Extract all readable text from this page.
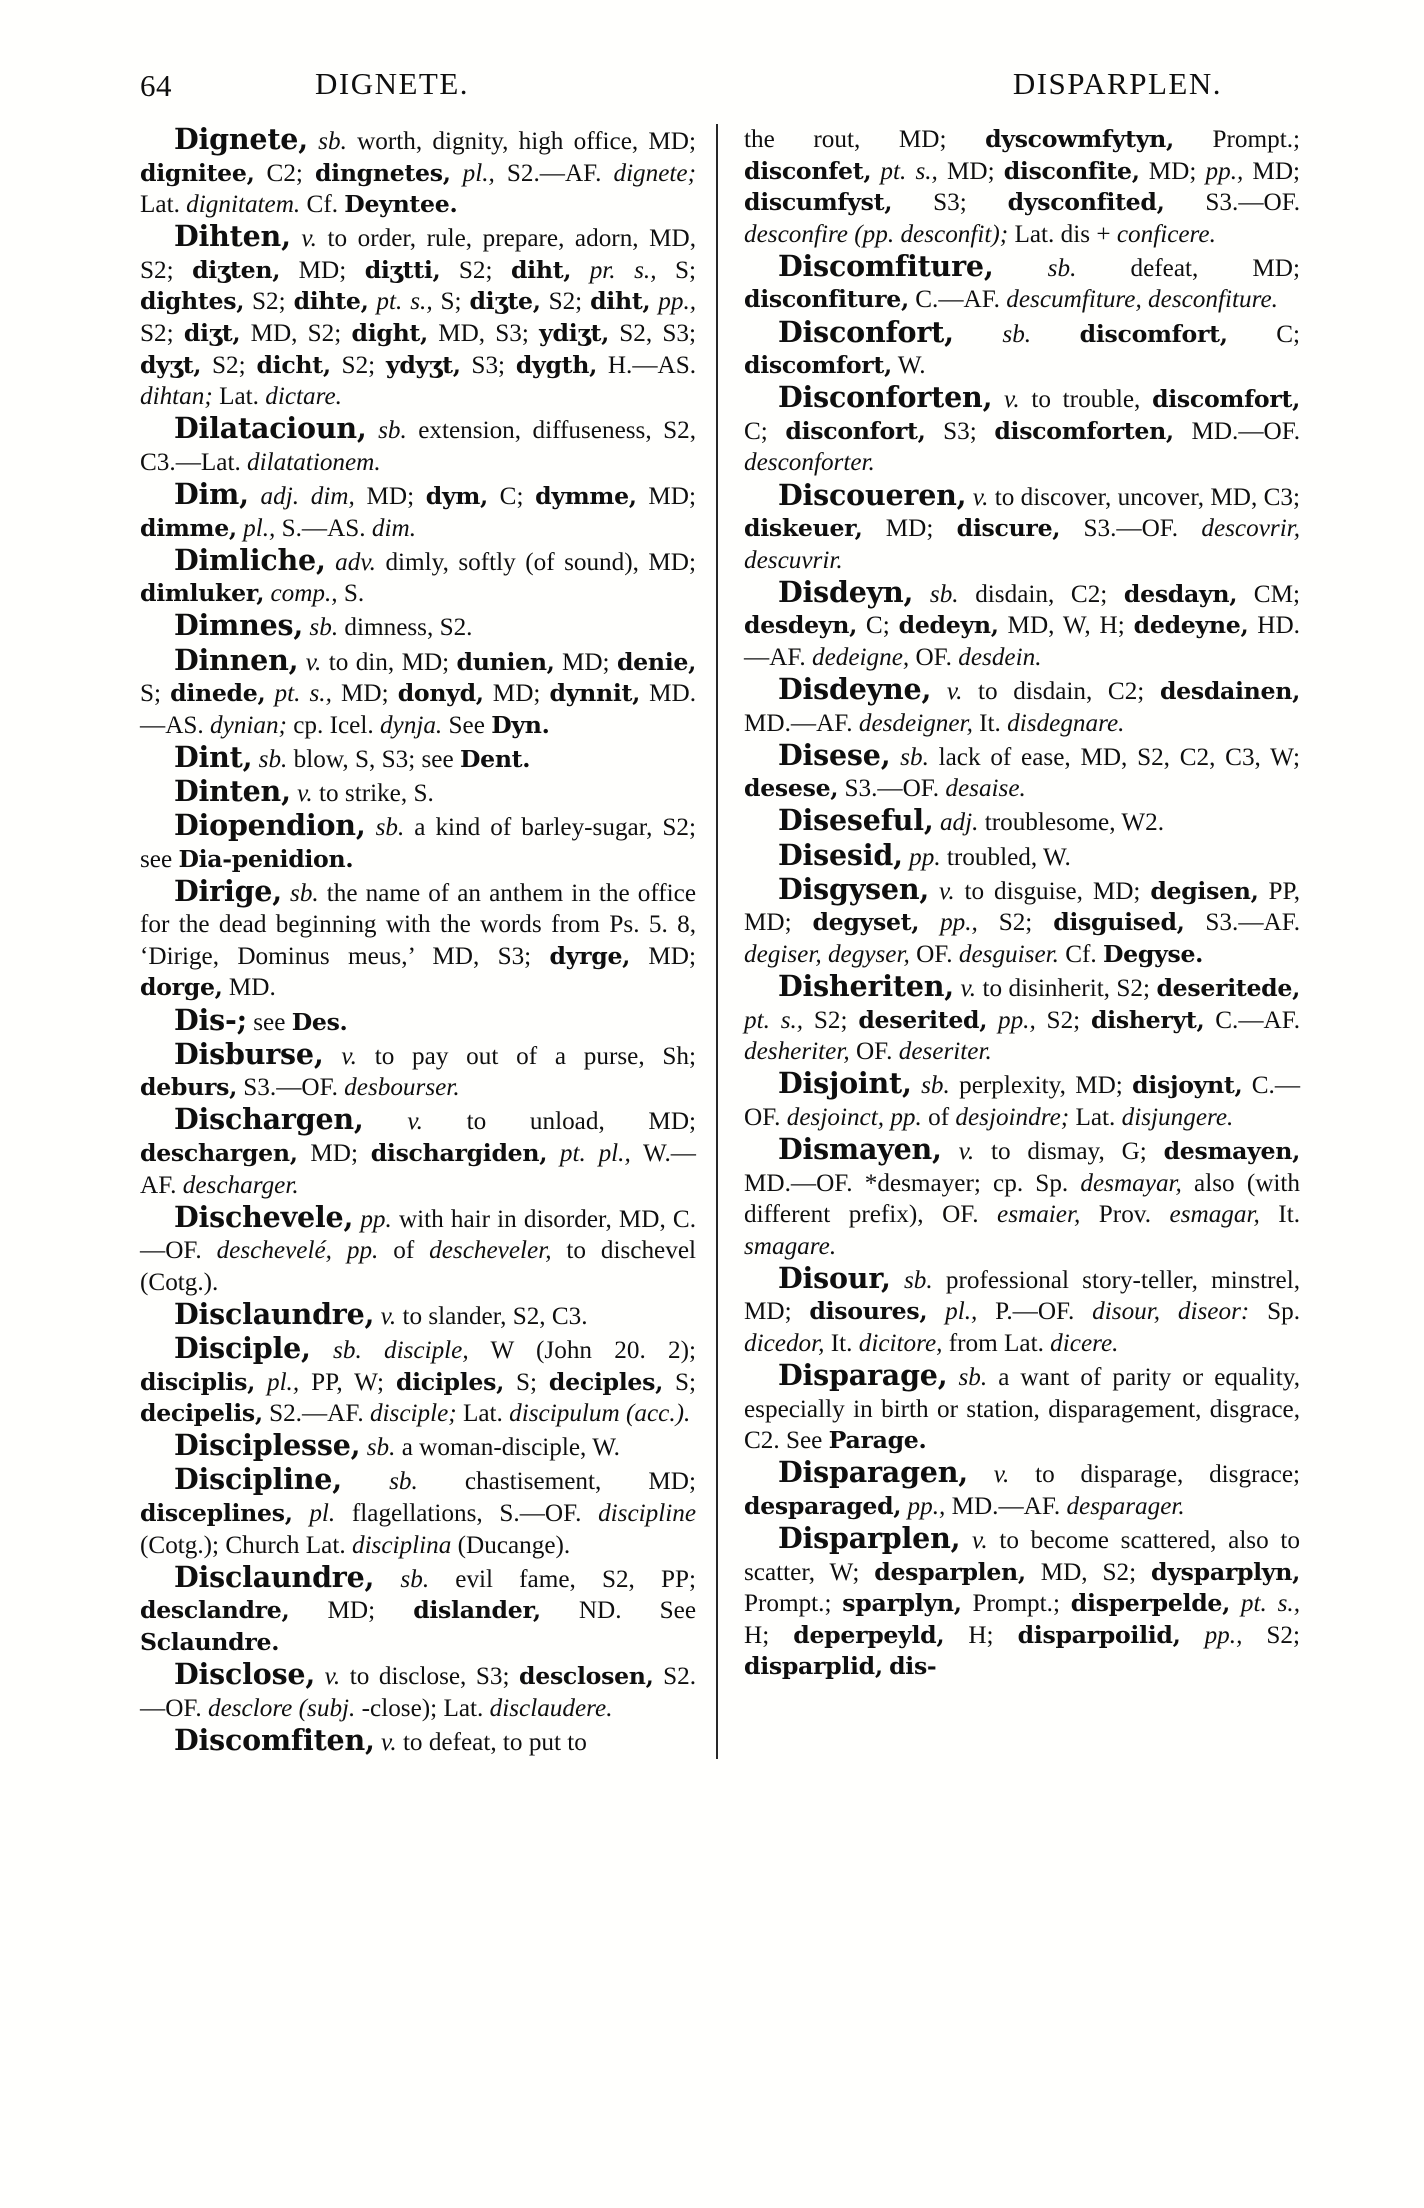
64	DIGNETE.	DISPARPLEN.

Dignete, sb. worth, dignity, high office, MD; dignitee, C2; dingnetes, pl., S2.—AF. dignete; Lat. dignitatem. Cf. Deyntee.

Dihten, v. to order, rule, prepare, adorn, MD, S2; diʒten, MD; diʒtti, S2; diht, pr. s., S; dightes, S2; dihte, pt. s., S; diʒte, S2; diht, pp., S2; diʒt, MD, S2; dight, MD, S3; ydiʒt, S2, S3; dyʒt, S2; dicht, S2; ydyʒt, S3; dygth, H.—AS. dihtan; Lat. dictare.

Dilatacioun, sb. extension, diffuseness, S2, C3.—Lat. dilatationem.

Dim, adj. dim, MD; dym, C; dymme, MD; dimme, pl., S.—AS. dim.

Dimliche, adv. dimly, softly (of sound), MD; dimluker, comp., S.

Dimnes, sb. dimness, S2.

Dinnen, v. to din, MD; dunien, MD; denie, S; dinede, pt. s., MD; donyd, MD; dynnit, MD.—AS. dynian; cp. Icel. dynja. See Dyn.

Dint, sb. blow, S, S3; see Dent.

Dinten, v. to strike, S.

Diopendion, sb. a kind of barley-sugar, S2; see Dia-penidion.

Dirige, sb. the name of an anthem in the office for the dead beginning with the words from Ps. 5. 8, ‘Dirige, Dominus meus,’ MD, S3; dyrge, MD; dorge, MD.

Dis-; see Des.

Disburse, v. to pay out of a purse, Sh; deburs, S3.—OF. desbourser.

Dischargen, v. to unload, MD; deschargen, MD; dischargiden, pt. pl., W.—AF. descharger.

Dischevele, pp. with hair in disorder, MD, C.—OF. deschevelé, pp. of descheveler, to dischevel (Cotg.).

Disclaundre, v. to slander, S2, C3.

Disciple, sb. disciple, W (John 20. 2); disciplis, pl., PP, W; diciples, S; deciples, S; decipelis, S2.—AF. disciple; Lat. discipulum (acc.).

Disciplesse, sb. a woman-disciple, W.

Discipline, sb. chastisement, MD; disceplines, pl. flagellations, S.—OF. discipline (Cotg.); Church Lat. disciplina (Ducange).

Disclaundre, sb. evil fame, S2, PP; desclandre, MD; dislander, ND. See Sclaundre.

Disclose, v. to disclose, S3; desclosen, S2.—OF. desclore (subj. -close); Lat. disclaudere.

Discomfiten, v. to defeat, to put to

the rout, MD; dyscowmfytyn, Prompt.; disconfet, pt. s., MD; disconfite, MD; pp., MD; discumfyst, S3; dysconfited, S3.—OF. desconfire (pp. desconfit); Lat. dis + conficere.

Discomfiture, sb. defeat, MD; disconfiture, C.—AF. descumfiture, desconfiture.

Disconfort, sb. discomfort, C; discomfort, W.

Disconforten, v. to trouble, discomfort, C; disconfort, S3; discomforten, MD.—OF. desconforter.

Discoueren, v. to discover, uncover, MD, C3; diskeuer, MD; discure, S3.—OF. descovrir, descuvrir.

Disdeyn, sb. disdain, C2; desdayn, CM; desdeyn, C; dedeyn, MD, W, H; dedeyne, HD.—AF. dedeigne, OF. desdein.

Disdeyne, v. to disdain, C2; desdainen, MD.—AF. desdeigner, It. disdegnare.

Disese, sb. lack of ease, MD, S2, C2, C3, W; desese, S3.—OF. desaise.

Diseseful, adj. troublesome, W2.

Disesid, pp. troubled, W.

Disgysen, v. to disguise, MD; degisen, PP, MD; degyset, pp., S2; disguised, S3.—AF. degiser, degyser, OF. desguiser. Cf. Degyse.

Disheriten, v. to disinherit, S2; deseritede, pt. s., S2; deserited, pp., S2; disheryt, C.—AF. desheriter, OF. deseriter.

Disjoint, sb. perplexity, MD; disjoynt, C.—OF. desjoinct, pp. of desjoindre; Lat. disjungere.

Dismayen, v. to dismay, G; desmayen, MD.—OF. *desmayer; cp. Sp. desmayar, also (with different prefix), OF. esmaier, Prov. esmagar, It. smagare.

Disour, sb. professional story-teller, minstrel, MD; disoures, pl., P.—OF. disour, diseor: Sp. dicedor, It. dicitore, from Lat. dicere.

Disparage, sb. a want of parity or equality, especially in birth or station, disparagement, disgrace, C2. See Parage.

Disparagen, v. to disparage, disgrace; desparaged, pp., MD.—AF. desparager.

Disparplen, v. to become scattered, also to scatter, W; desparplen, MD, S2; dysparplyn, Prompt.; sparplyn, Prompt.; disperpelde, pt. s., H; deperpeyld, H; disparpoilid, pp., S2; disparplid, dis-
